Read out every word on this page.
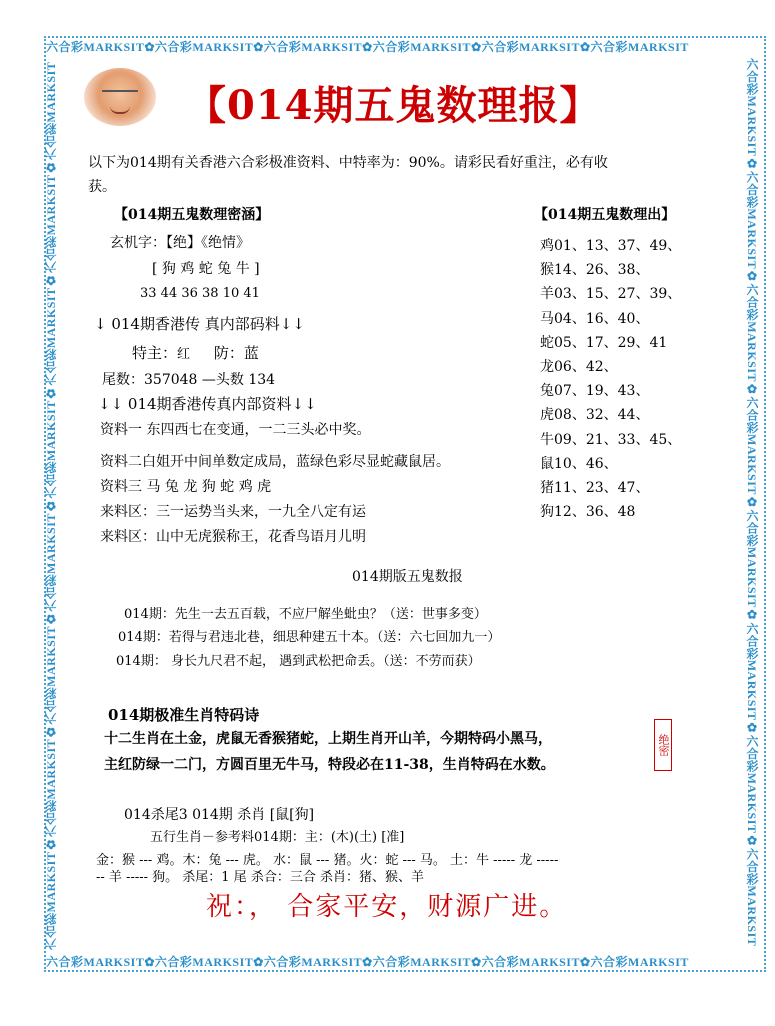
六合彩MARKSIT✿六合彩MARKSIT✿六合彩MARKSIT✿六合彩MARKSIT✿六合彩MARKSIT✿六合彩MARKSIT
六合彩MARKSIT✿六合彩MARKSIT✿六合彩MARKSIT✿六合彩MARKSIT✿六合彩MARKSIT✿六合彩MARKSIT
六合彩MARKSIT✿六合彩MARKSIT✿六合彩MARKSIT✿六合彩MARKSIT✿六合彩MARKSIT✿六合彩MARKSIT✿六合彩MARKSIT✿六合彩MARKSIT	六合彩MARKSIT✿六合彩MARKSIT✿六合彩MARKSIT✿六合彩MARKSIT✿六合彩MARKSIT✿六合彩MARKSIT✿六合彩MARKSIT✿六合彩MARKSIT
【014期五鬼数理报】
以下为014期有关香港六合彩极准资料、中特率为：90%。请彩民看好重注，必有收
获。
【014期五鬼数理密涵】
玄机字：【绝】《绝情》
[ 狗 鸡 蛇 兔 牛 ]
33 44 36 38 10 41
↓ 014期香港传 真内部码料↓↓
特主：红 防：蓝
尾数：357048 —头数 134
↓↓ 014期香港传真内部资料↓↓
资料一 东四西七在变通，一二三头必中奖。
资料二白姐开中间单数定成局，蓝绿色彩尽显蛇藏鼠居。
资料三 马 兔 龙 狗 蛇 鸡 虎
来料区：三一运势当头来，一九全八定有运
来料区：山中无虎猴称王，花香鸟语月儿明
【014期五鬼数理出】
鸡01、13、37、49、
猴14、26、38、
羊03、15、27、39、
马04、16、40、
蛇05、17、29、41
龙06、42、
兔07、19、43、
虎08、32、44、
牛09、21、33、45、
鼠10、46、
猪11、23、47、
狗12、36、48
014期版五鬼数报
014期：先生一去五百载，不应尸解坐蚍虫？（送：世事多变）
014期：若得与君违北巷，细思种建五十本。（送：六七回加九一）
014期： 身长九尺君不起， 遇到武松把命丢。（送：不劳而获）
014期极准生肖特码诗
十二生肖在土金，虎鼠无香猴猪蛇，上期生肖开山羊，今期特码小黑马，
主红防绿一二门，方圆百里无牛马，特段必在11-38，生肖特码在水数。
绝密
014杀尾3 014期 杀肖 [鼠[狗]
五行生肖－参考料014期：主：(木)(土) [准]
金：猴 --- 鸡。木：兔 --- 虎。 水：鼠 --- 猪。火：蛇 --- 马。 土：牛 ----- 龙 -----
-- 羊 ----- 狗。 杀尾：1 尾 杀合：三合 杀肖：猪、猴、羊
祝：， 合家平安，财源广进。
